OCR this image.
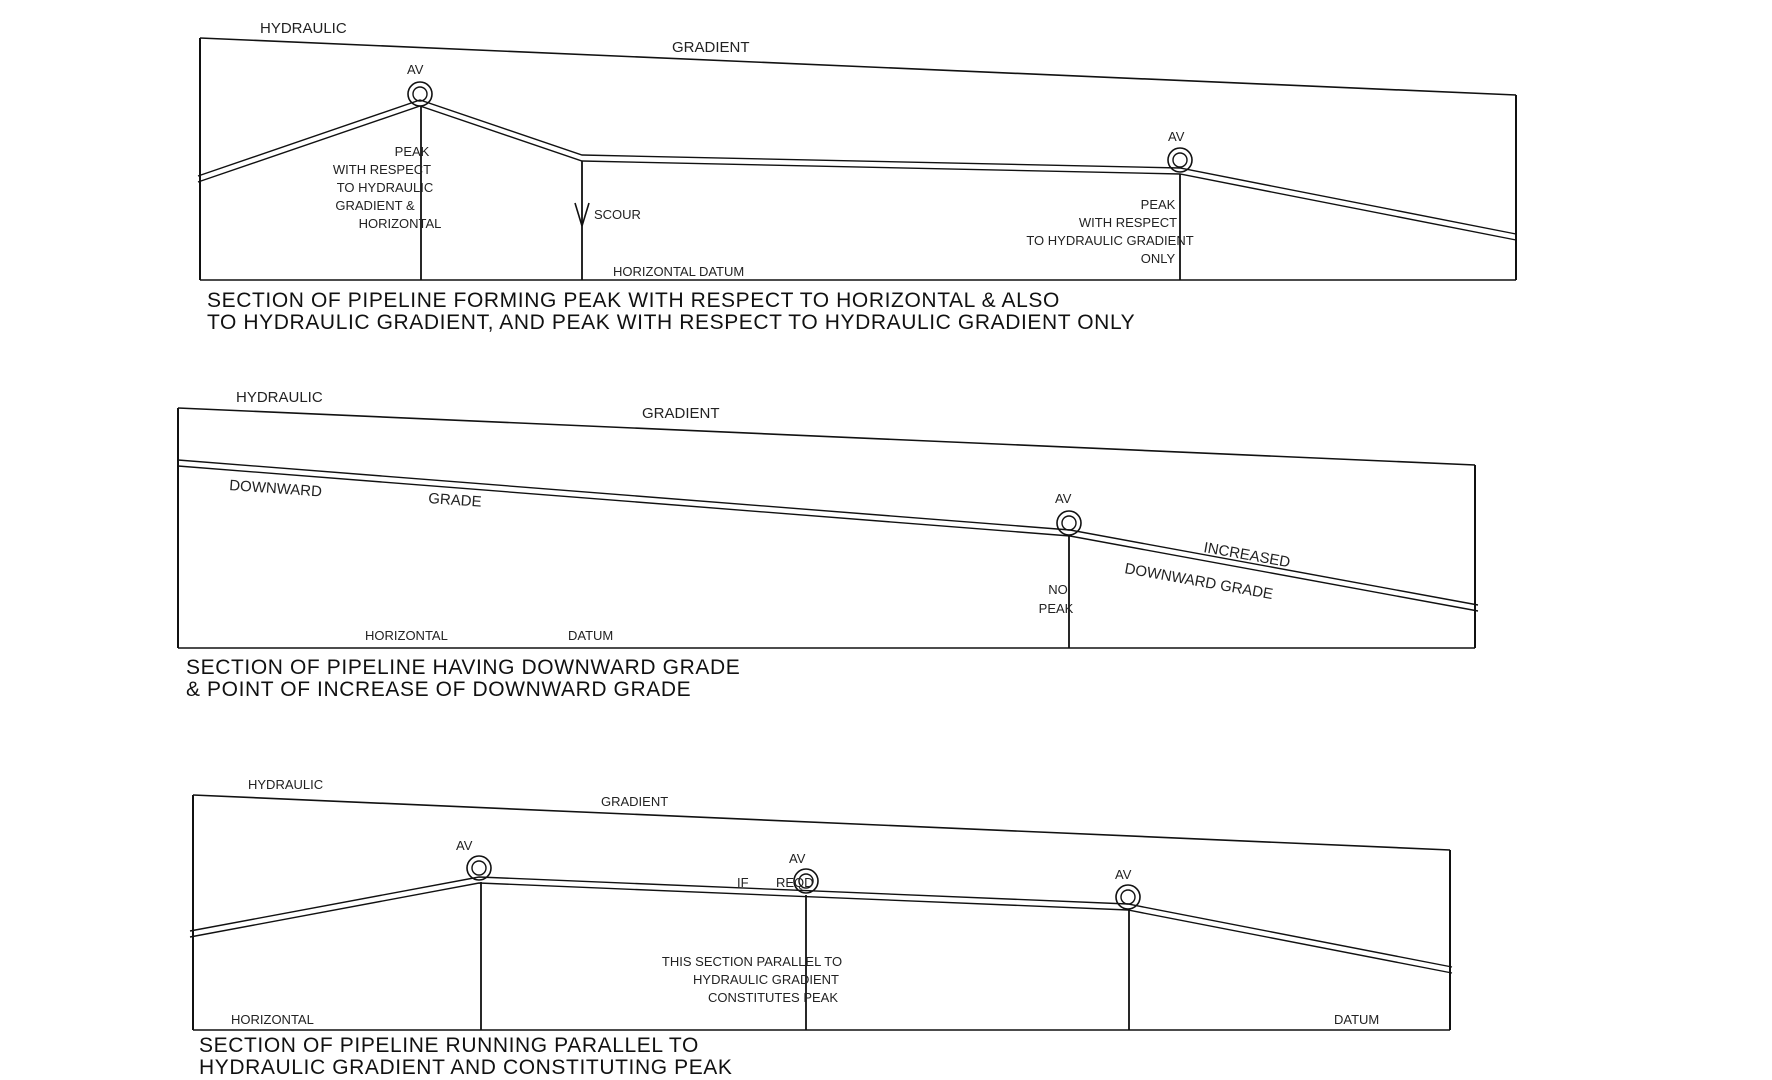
HYDRAULIC
GRADIENT
AV
AV
PEAK
WITH RESPECT
TO HYDRAULIC
GRADIENT &
HORIZONTAL
SCOUR
HORIZONTAL DATUM
PEAK
WITH RESPECT
TO HYDRAULIC GRADIENT
ONLY
SECTION OF PIPELINE FORMING PEAK WITH RESPECT TO HORIZONTAL & ALSO
TO HYDRAULIC GRADIENT, AND PEAK WITH RESPECT TO HYDRAULIC GRADIENT ONLY
HYDRAULIC
GRADIENT
DOWNWARD	GRADE	AV
INCREASED
DOWNWARD GRADE
NO
PEAK
HORIZONTAL	DATUM
SECTION OF PIPELINE HAVING DOWNWARD GRADE
& POINT OF INCREASE OF DOWNWARD GRADE
HYDRAULIC
GRADIENT
AV
AV
AV
IF REQD
THIS SECTION PARALLEL TO
HYDRAULIC GRADIENT
CONSTITUTES PEAK
HORIZONTAL	DATUM
SECTION OF PIPELINE RUNNING PARALLEL TO
HYDRAULIC GRADIENT AND CONSTITUTING PEAK
